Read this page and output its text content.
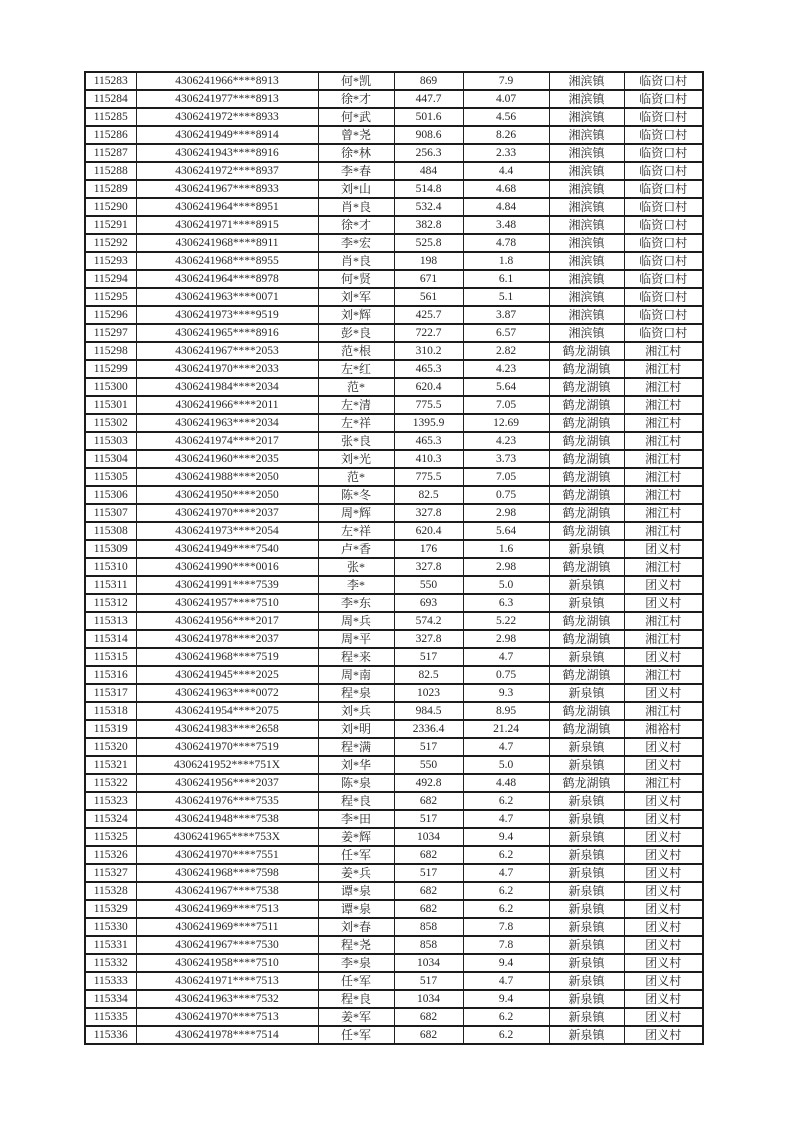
115283	4306241966****8913	何*凯	869	7.9	湘滨镇	临资口村
115284	4306241977****8913	徐*才	447.7	4.07	湘滨镇	临资口村
115285	4306241972****8933	何*武	501.6	4.56	湘滨镇	临资口村
115286	4306241949****8914	曾*尧	908.6	8.26	湘滨镇	临资口村
115287	4306241943****8916	徐*林	256.3	2.33	湘滨镇	临资口村
115288	4306241972****8937	李*春	484	4.4	湘滨镇	临资口村
115289	4306241967****8933	刘*山	514.8	4.68	湘滨镇	临资口村
115290	4306241964****8951	肖*良	532.4	4.84	湘滨镇	临资口村
115291	4306241971****8915	徐*才	382.8	3.48	湘滨镇	临资口村
115292	4306241968****8911	李*宏	525.8	4.78	湘滨镇	临资口村
115293	4306241968****8955	肖*良	198	1.8	湘滨镇	临资口村
115294	4306241964****8978	何*贤	671	6.1	湘滨镇	临资口村
115295	4306241963****0071	刘*军	561	5.1	湘滨镇	临资口村
115296	4306241973****9519	刘*辉	425.7	3.87	湘滨镇	临资口村
115297	4306241965****8916	彭*良	722.7	6.57	湘滨镇	临资口村
115298	4306241967****2053	范*根	310.2	2.82	鹤龙湖镇	湘江村
115299	4306241970****2033	左*红	465.3	4.23	鹤龙湖镇	湘江村
115300	4306241984****2034	范*	620.4	5.64	鹤龙湖镇	湘江村
115301	4306241966****2011	左*清	775.5	7.05	鹤龙湖镇	湘江村
115302	4306241963****2034	左*祥	1395.9	12.69	鹤龙湖镇	湘江村
115303	4306241974****2017	张*良	465.3	4.23	鹤龙湖镇	湘江村
115304	4306241960****2035	刘*光	410.3	3.73	鹤龙湖镇	湘江村
115305	4306241988****2050	范*	775.5	7.05	鹤龙湖镇	湘江村
115306	4306241950****2050	陈*冬	82.5	0.75	鹤龙湖镇	湘江村
115307	4306241970****2037	周*辉	327.8	2.98	鹤龙湖镇	湘江村
115308	4306241973****2054	左*祥	620.4	5.64	鹤龙湖镇	湘江村
115309	4306241949****7540	卢*香	176	1.6	新泉镇	团义村
115310	4306241990****0016	张*	327.8	2.98	鹤龙湖镇	湘江村
115311	4306241991****7539	李*	550	5.0	新泉镇	团义村
115312	4306241957****7510	李*东	693	6.3	新泉镇	团义村
115313	4306241956****2017	周*兵	574.2	5.22	鹤龙湖镇	湘江村
115314	4306241978****2037	周*平	327.8	2.98	鹤龙湖镇	湘江村
115315	4306241968****7519	程*来	517	4.7	新泉镇	团义村
115316	4306241945****2025	周*南	82.5	0.75	鹤龙湖镇	湘江村
115317	4306241963****0072	程*泉	1023	9.3	新泉镇	团义村
115318	4306241954****2075	刘*兵	984.5	8.95	鹤龙湖镇	湘江村
115319	4306241983****2658	刘*明	2336.4	21.24	鹤龙湖镇	湘裕村
115320	4306241970****7519	程*满	517	4.7	新泉镇	团义村
115321	4306241952****751X	刘*华	550	5.0	新泉镇	团义村
115322	4306241956****2037	陈*泉	492.8	4.48	鹤龙湖镇	湘江村
115323	4306241976****7535	程*良	682	6.2	新泉镇	团义村
115324	4306241948****7538	李*田	517	4.7	新泉镇	团义村
115325	4306241965****753X	姜*辉	1034	9.4	新泉镇	团义村
115326	4306241970****7551	任*军	682	6.2	新泉镇	团义村
115327	4306241968****7598	姜*兵	517	4.7	新泉镇	团义村
115328	4306241967****7538	谭*泉	682	6.2	新泉镇	团义村
115329	4306241969****7513	谭*泉	682	6.2	新泉镇	团义村
115330	4306241969****7511	刘*春	858	7.8	新泉镇	团义村
115331	4306241967****7530	程*尧	858	7.8	新泉镇	团义村
115332	4306241958****7510	李*泉	1034	9.4	新泉镇	团义村
115333	4306241971****7513	任*军	517	4.7	新泉镇	团义村
115334	4306241963****7532	程*良	1034	9.4	新泉镇	团义村
115335	4306241970****7513	姜*军	682	6.2	新泉镇	团义村
115336	4306241978****7514	任*军	682	6.2	新泉镇	团义村
